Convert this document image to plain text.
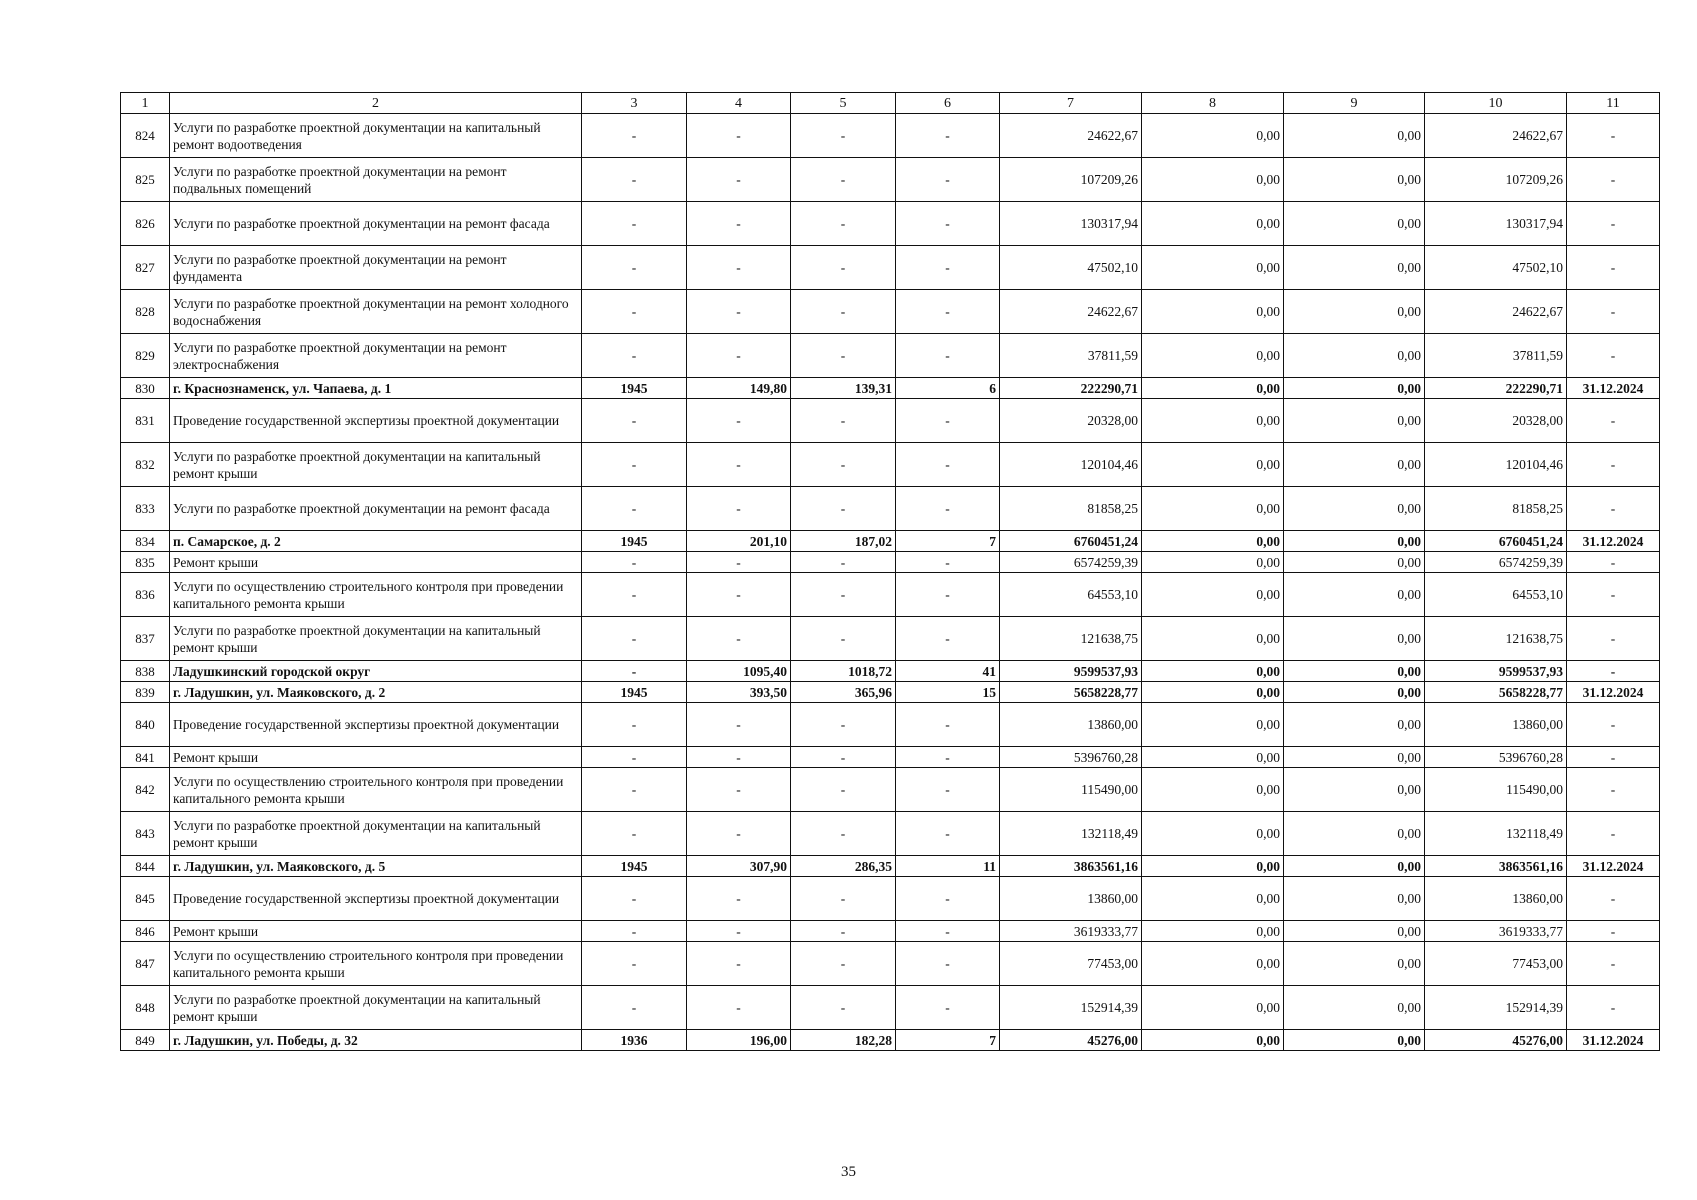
1	2	3	4	5	6	7	8	9	10	11
824	Услуги по разработке проектной документации на капитальный ремонт водоотведения	-	-	-	-	24622,67	0,00	0,00	24622,67	-
825	Услуги по разработке проектной документации на ремонт подвальных помещений	-	-	-	-	107209,26	0,00	0,00	107209,26	-
826	Услуги по разработке проектной документации на ремонт фасада	-	-	-	-	130317,94	0,00	0,00	130317,94	-
827	Услуги по разработке проектной документации на ремонт фундамента	-	-	-	-	47502,10	0,00	0,00	47502,10	-
828	Услуги по разработке проектной документации на ремонт холодного водоснабжения	-	-	-	-	24622,67	0,00	0,00	24622,67	-
829	Услуги по разработке проектной документации на ремонт электроснабжения	-	-	-	-	37811,59	0,00	0,00	37811,59	-
830	г. Краснознаменск, ул. Чапаева, д. 1	1945	149,80	139,31	6	222290,71	0,00	0,00	222290,71	31.12.2024
831	Проведение государственной экспертизы проектной документации	-	-	-	-	20328,00	0,00	0,00	20328,00	-
832	Услуги по разработке проектной документации на капитальный ремонт крыши	-	-	-	-	120104,46	0,00	0,00	120104,46	-
833	Услуги по разработке проектной документации на ремонт фасада	-	-	-	-	81858,25	0,00	0,00	81858,25	-
834	п. Самарское, д. 2	1945	201,10	187,02	7	6760451,24	0,00	0,00	6760451,24	31.12.2024
835	Ремонт крыши	-	-	-	-	6574259,39	0,00	0,00	6574259,39	-
836	Услуги по осуществлению строительного контроля при проведении капитального ремонта крыши	-	-	-	-	64553,10	0,00	0,00	64553,10	-
837	Услуги по разработке проектной документации на капитальный ремонт крыши	-	-	-	-	121638,75	0,00	0,00	121638,75	-
838	Ладушкинский городской округ	-	1095,40	1018,72	41	9599537,93	0,00	0,00	9599537,93	-
839	г. Ладушкин, ул. Маяковского, д. 2	1945	393,50	365,96	15	5658228,77	0,00	0,00	5658228,77	31.12.2024
840	Проведение государственной экспертизы проектной документации	-	-	-	-	13860,00	0,00	0,00	13860,00	-
841	Ремонт крыши	-	-	-	-	5396760,28	0,00	0,00	5396760,28	-
842	Услуги по осуществлению строительного контроля при проведении капитального ремонта крыши	-	-	-	-	115490,00	0,00	0,00	115490,00	-
843	Услуги по разработке проектной документации на капитальный ремонт крыши	-	-	-	-	132118,49	0,00	0,00	132118,49	-
844	г. Ладушкин, ул. Маяковского, д. 5	1945	307,90	286,35	11	3863561,16	0,00	0,00	3863561,16	31.12.2024
845	Проведение государственной экспертизы проектной документации	-	-	-	-	13860,00	0,00	0,00	13860,00	-
846	Ремонт крыши	-	-	-	-	3619333,77	0,00	0,00	3619333,77	-
847	Услуги по осуществлению строительного контроля при проведении капитального ремонта крыши	-	-	-	-	77453,00	0,00	0,00	77453,00	-
848	Услуги по разработке проектной документации на капитальный ремонт крыши	-	-	-	-	152914,39	0,00	0,00	152914,39	-
849	г. Ладушкин, ул. Победы, д. 32	1936	196,00	182,28	7	45276,00	0,00	0,00	45276,00	31.12.2024
35
